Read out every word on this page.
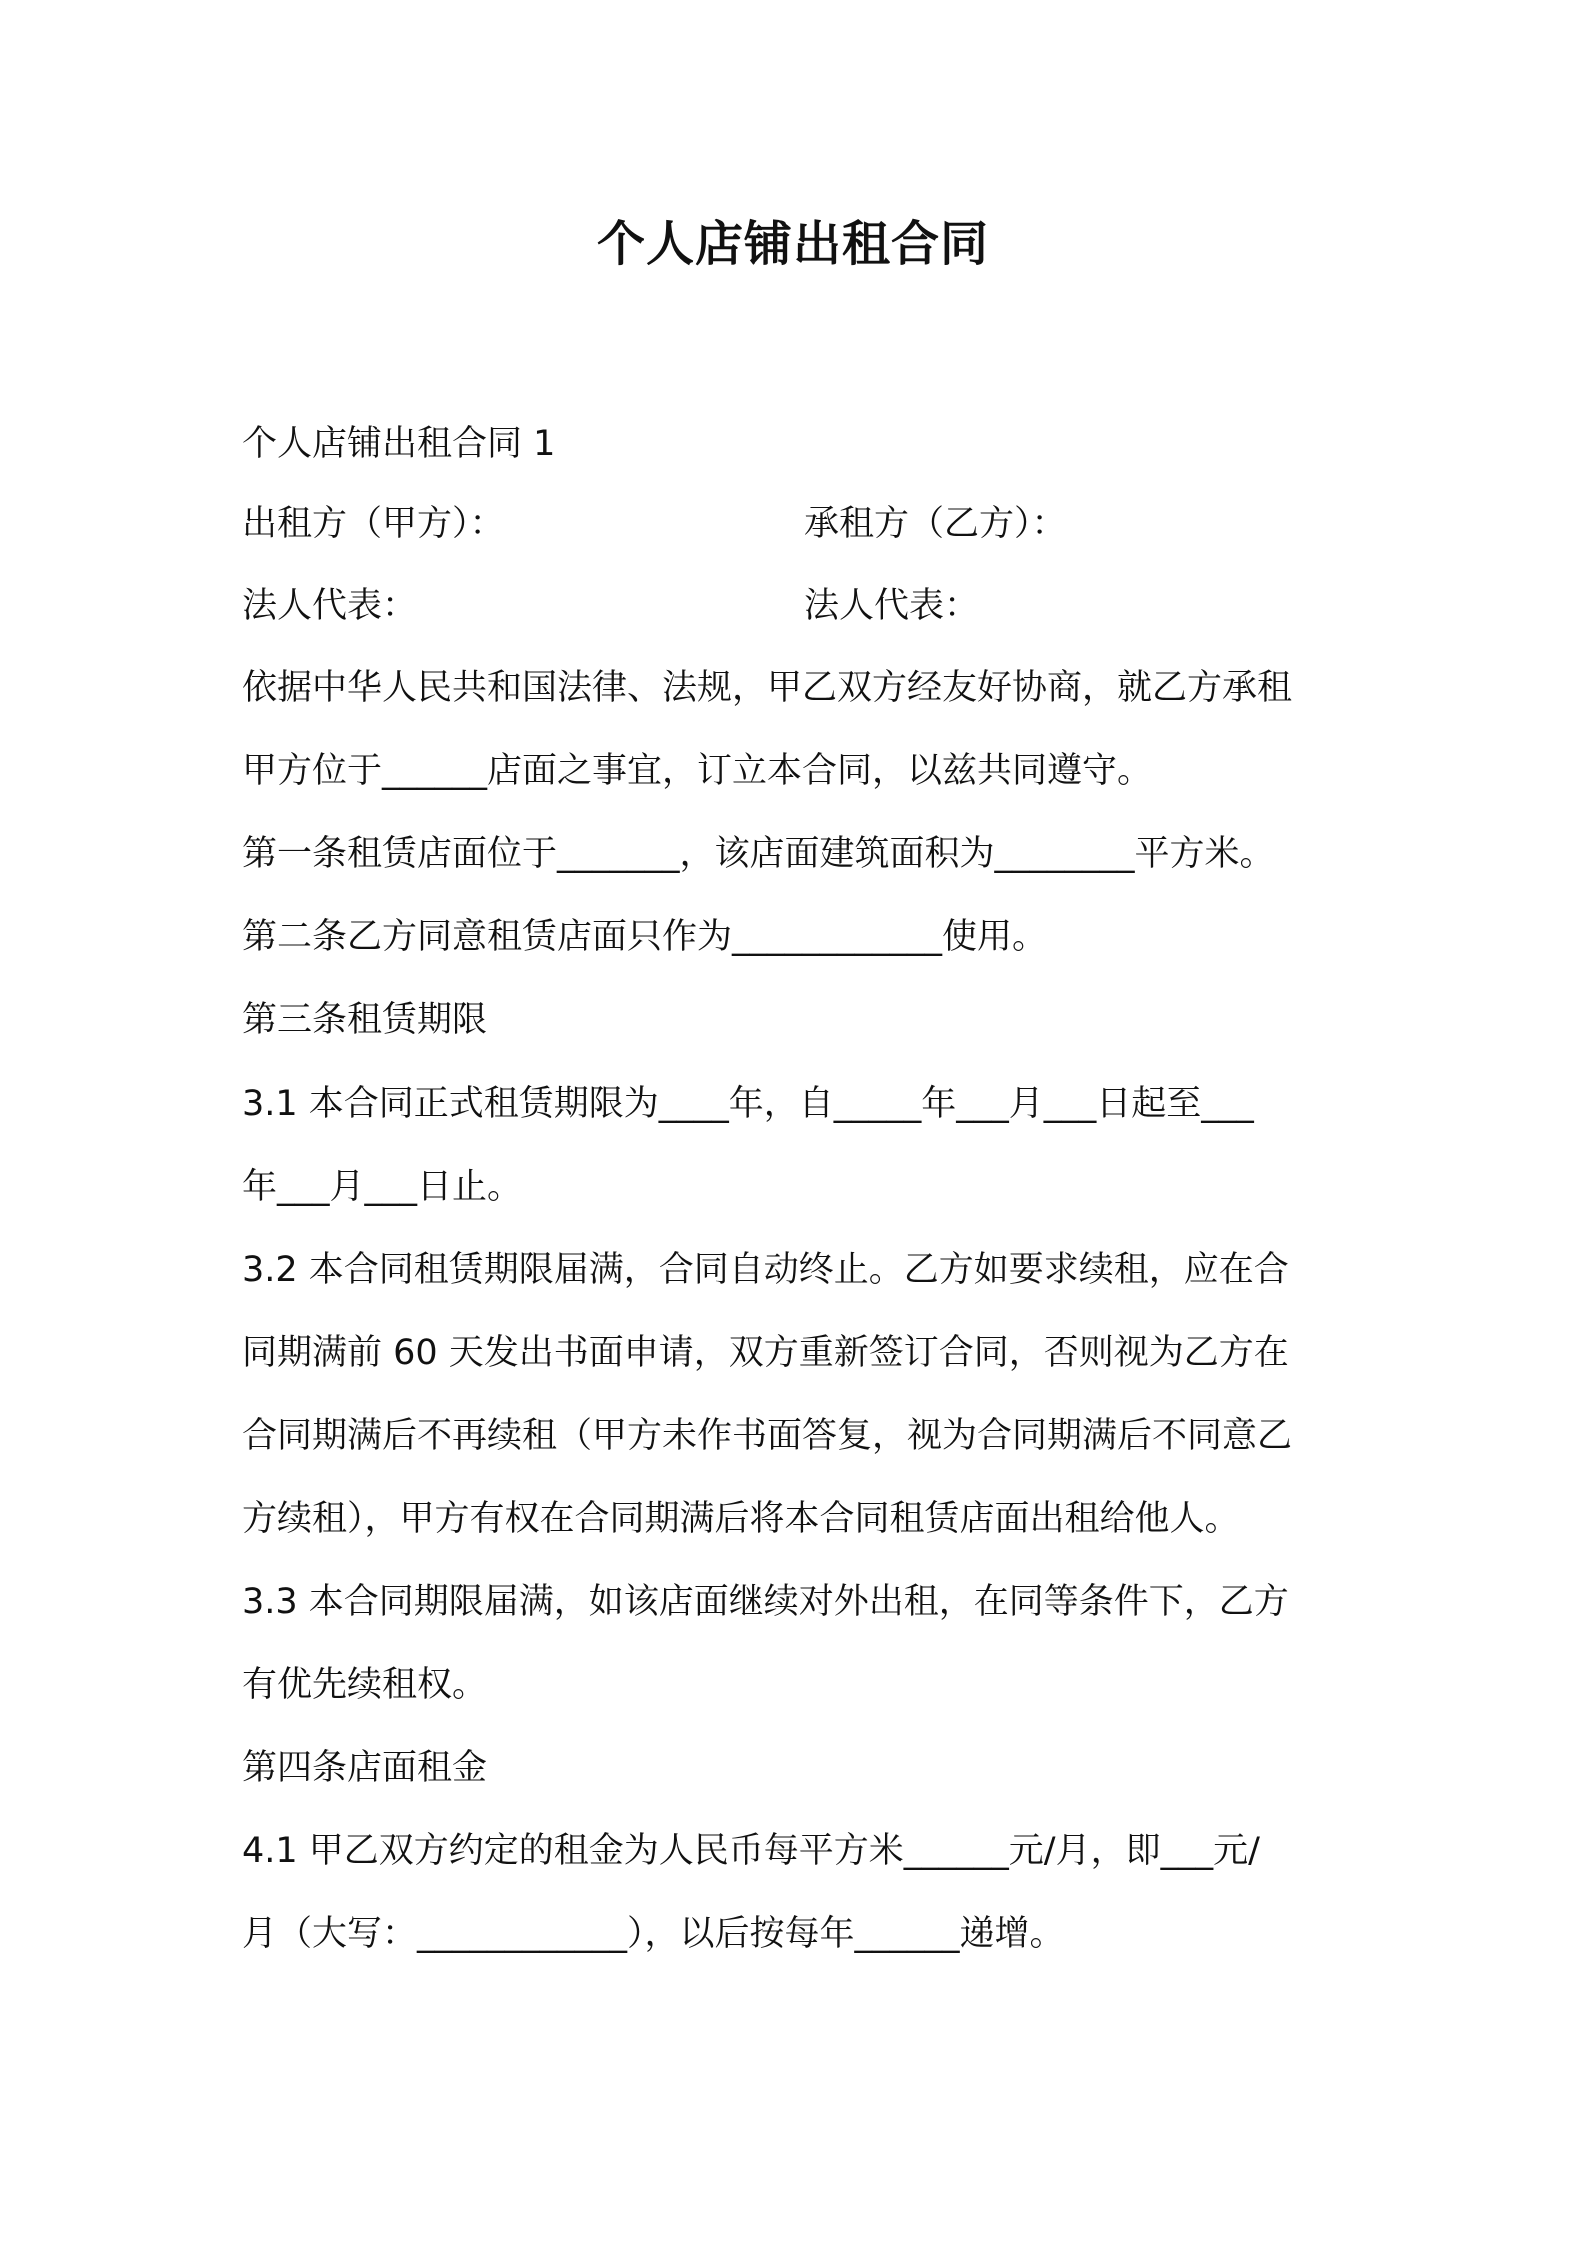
个人店铺出租合同
个人店铺出租合同 1
出租方（甲方）：	承租方（乙方）：
法人代表：	法人代表：
依据中华人民共和国法律、法规，甲乙双方经友好协商，就乙方承租
甲方位于______店面之事宜，订立本合同，以兹共同遵守。
第一条租赁店面位于_______，该店面建筑面积为________平方米。
第二条乙方同意租赁店面只作为____________使用。
第三条租赁期限
3.1 本合同正式租赁期限为____年，自_____年___月___日起至___
年___月___日止。
3.2 本合同租赁期限届满，合同自动终止。乙方如要求续租，应在合
同期满前 60 天发出书面申请，双方重新签订合同，否则视为乙方在
合同期满后不再续租（甲方未作书面答复，视为合同期满后不同意乙
方续租），甲方有权在合同期满后将本合同租赁店面出租给他人。
3.3 本合同期限届满，如该店面继续对外出租，在同等条件下，乙方
有优先续租权。
第四条店面租金
4.1 甲乙双方约定的租金为人民币每平方米______元/月，即___元/
月（大写：____________），以后按每年______递增。
